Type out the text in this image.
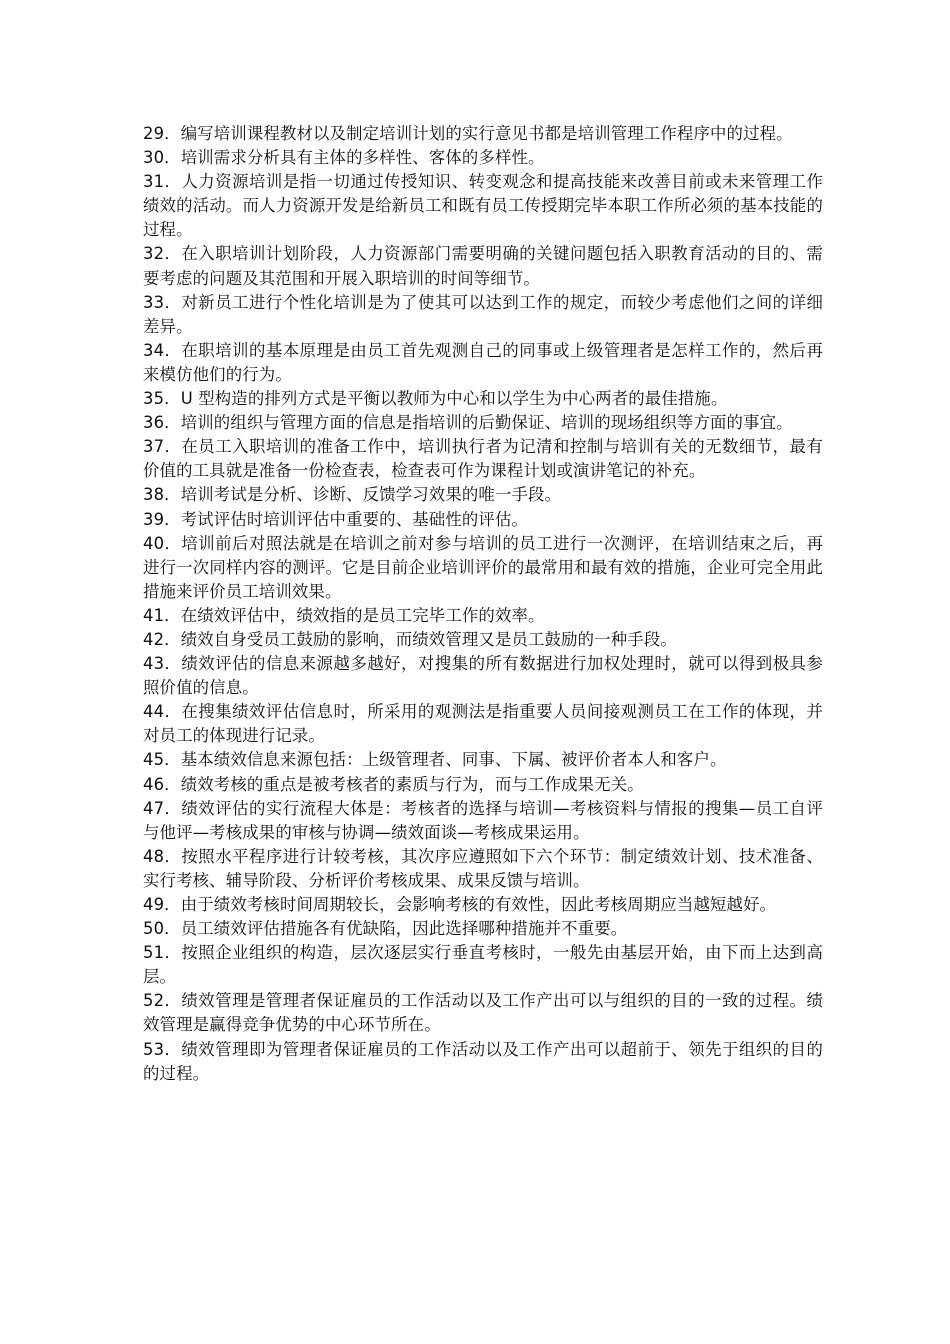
29．编写培训课程教材以及制定培训计划的实行意见书都是培训管理工作程序中的过程。

30．培训需求分析具有主体的多样性、客体的多样性。

31．人力资源培训是指一切通过传授知识、转变观念和提高技能来改善目前或未来管理工作绩效的活动。而人力资源开发是给新员工和既有员工传授期完毕本职工作所必须的基本技能的过程。

32．在入职培训计划阶段，人力资源部门需要明确的关键问题包括入职教育活动的目的、需要考虑的问题及其范围和开展入职培训的时间等细节。

33．对新员工进行个性化培训是为了使其可以达到工作的规定，而较少考虑他们之间的详细差异。

34．在职培训的基本原理是由员工首先观测自己的同事或上级管理者是怎样工作的，然后再来模仿他们的行为。

35．U 型构造的排列方式是平衡以教师为中心和以学生为中心两者的最佳措施。

36．培训的组织与管理方面的信息是指培训的后勤保证、培训的现场组织等方面的事宜。

37．在员工入职培训的准备工作中，培训执行者为记清和控制与培训有关的无数细节，最有价值的工具就是准备一份检查表，检查表可作为课程计划或演讲笔记的补充。

38．培训考试是分析、诊断、反馈学习效果的唯一手段。

39．考试评估时培训评估中重要的、基础性的评估。

40．培训前后对照法就是在培训之前对参与培训的员工进行一次测评，在培训结束之后，再进行一次同样内容的测评。它是目前企业培训评价的最常用和最有效的措施，企业可完全用此措施来评价员工培训效果。

41．在绩效评估中，绩效指的是员工完毕工作的效率。

42．绩效自身受员工鼓励的影响，而绩效管理又是员工鼓励的一种手段。

43．绩效评估的信息来源越多越好，对搜集的所有数据进行加权处理时，就可以得到极具参照价值的信息。

44．在搜集绩效评估信息时，所采用的观测法是指重要人员间接观测员工在工作的体现，并对员工的体现进行记录。

45．基本绩效信息来源包括：上级管理者、同事、下属、被评价者本人和客户。

46．绩效考核的重点是被考核者的素质与行为，而与工作成果无关。

47．绩效评估的实行流程大体是：考核者的选择与培训—考核资料与情报的搜集—员工自评与他评—考核成果的审核与协调—绩效面谈—考核成果运用。

48．按照水平程序进行计较考核，其次序应遵照如下六个环节：制定绩效计划、技术准备、实行考核、辅导阶段、分析评价考核成果、成果反馈与培训。

49．由于绩效考核时间周期较长，会影响考核的有效性，因此考核周期应当越短越好。

50．员工绩效评估措施各有优缺陷，因此选择哪种措施并不重要。

51．按照企业组织的构造，层次逐层实行垂直考核时，一般先由基层开始，由下而上达到高层。

52．绩效管理是管理者保证雇员的工作活动以及工作产出可以与组织的目的一致的过程。绩效管理是赢得竞争优势的中心环节所在。

53．绩效管理即为管理者保证雇员的工作活动以及工作产出可以超前于、领先于组织的目的的过程。
